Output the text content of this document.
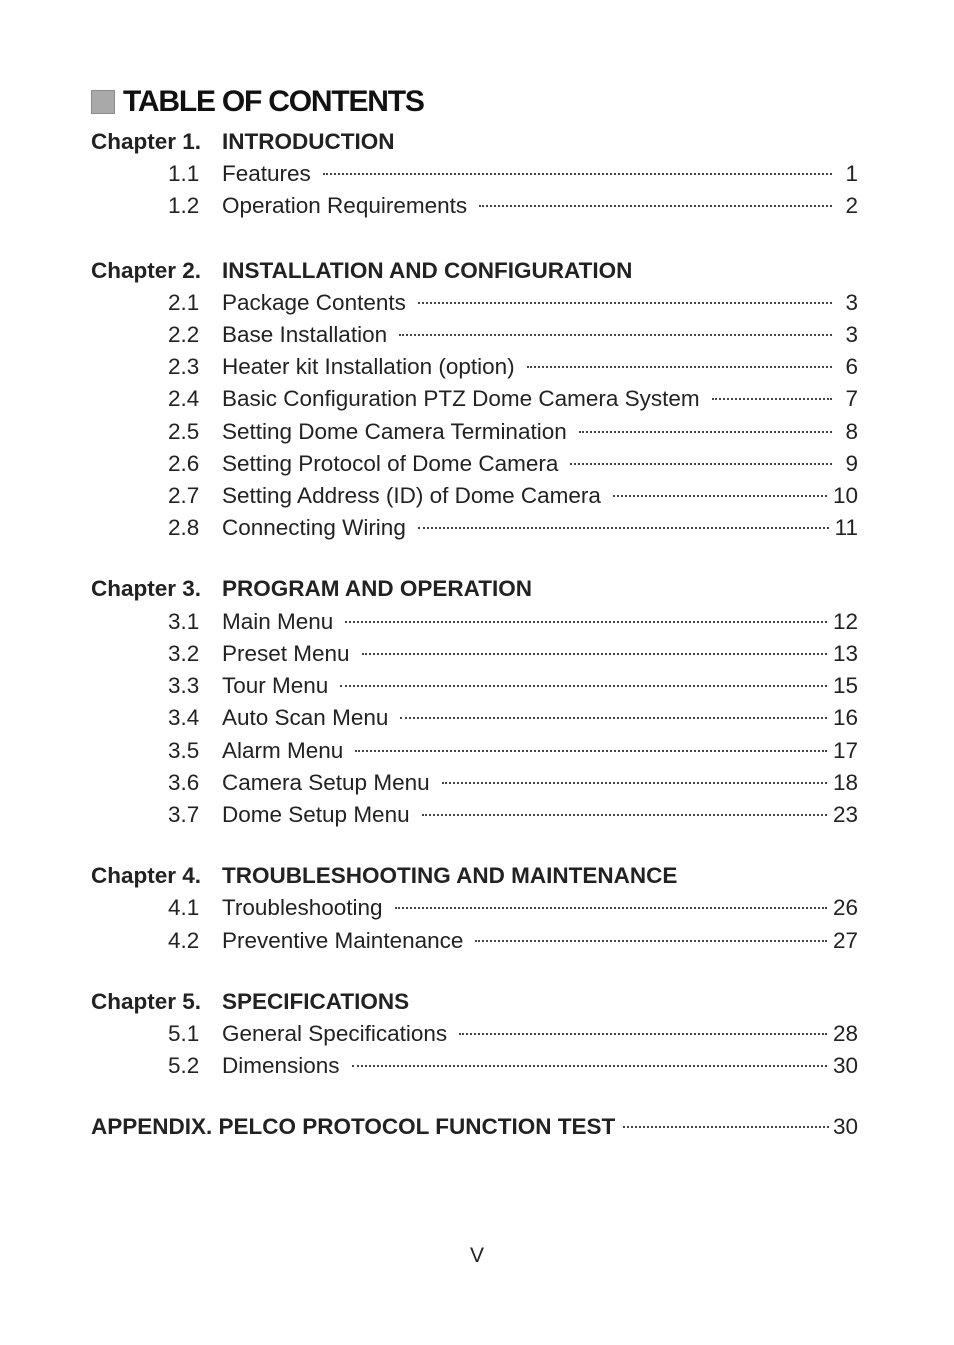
TABLE OF CONTENTS
Chapter 1. INTRODUCTION
1.1	Features	1
1.2	Operation Requirements	2
Chapter 2. INSTALLATION AND CONFIGURATION
2.1	Package Contents	3
2.2	Base Installation	3
2.3	Heater kit Installation (option)	6
2.4	Basic Configuration PTZ Dome Camera System	7
2.5	Setting Dome Camera Termination	8
2.6	Setting Protocol of Dome Camera	9
2.7	Setting Address (ID) of Dome Camera	10
2.8	Connecting Wiring	11
Chapter 3. PROGRAM AND OPERATION
3.1	Main Menu	12
3.2	Preset Menu	13
3.3	Tour Menu	15
3.4	Auto Scan Menu	16
3.5	Alarm Menu	17
3.6	Camera Setup Menu	18
3.7	Dome Setup Menu	23
Chapter 4. TROUBLESHOOTING AND MAINTENANCE
4.1	Troubleshooting	26
4.2	Preventive Maintenance	27
Chapter 5. SPECIFICATIONS
5.1	General Specifications	28
5.2	Dimensions	30
APPENDIX. PELCO PROTOCOL FUNCTION TEST	30
V
